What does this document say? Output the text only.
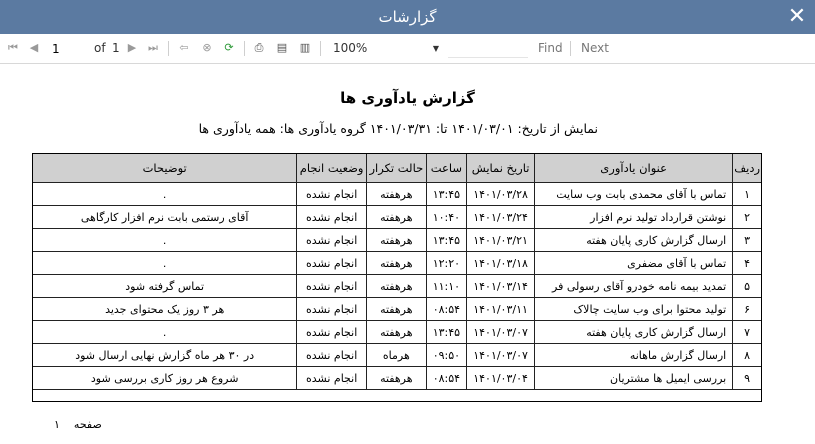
گزارشات	✕
⏮ ◀
1	of 1 ▶ ⏭ ⇦ ⊗ ⟳ ⎙ ▤ ▥ 100%	▼	Find Next
گزارش یادآوری ها
نمایش از تاریخ: ۱۴۰۱/۰۳/۰۱ تا: ۱۴۰۱/۰۳/۳۱ گروه یادآوری ها: همه یادآوری ها
ردیف	عنوان یادآوری	تاریخ نمایش	ساعت	حالت تکرار	وضعیت انجام	توضیحات
۱	تماس با آقای محمدی بابت وب سایت	۱۴۰۱/۰۳/۲۸	۱۳:۴۵	هرهفته	انجام نشده	.
۲	نوشتن قرارداد تولید نرم افزار	۱۴۰۱/۰۳/۲۴	۱۰:۴۰	هرهفته	انجام نشده	آقای رستمی بابت نرم افزار کارگاهی
۳	ارسال گزارش کاری پایان هفته	۱۴۰۱/۰۳/۲۱	۱۳:۴۵	هرهفته	انجام نشده	.
۴	تماس با آقای مضفری	۱۴۰۱/۰۳/۱۸	۱۲:۲۰	هرهفته	انجام نشده	.
۵	تمدید بیمه نامه خودرو آقای رسولی فر	۱۴۰۱/۰۳/۱۴	۱۱:۱۰	هرهفته	انجام نشده	تماس گرفته شود
۶	تولید محتوا برای وب سایت چالاک	۱۴۰۱/۰۳/۱۱	۰۸:۵۴	هرهفته	انجام نشده	هر ۳ روز یک محتوای جدید
۷	ارسال گزارش کاری پایان هفته	۱۴۰۱/۰۳/۰۷	۱۳:۴۵	هرهفته	انجام نشده	.
۸	ارسال گزارش ماهانه	۱۴۰۱/۰۳/۰۷	۰۹:۵۰	هرماه	انجام نشده	در ۳۰ هر ماه گزارش نهایی ارسال شود
۹	بررسی ایمیل ها مشتریان	۱۴۰۱/۰۳/۰۴	۰۸:۵۴	هرهفته	انجام نشده	شروع هر روز کاری بررسی شود
صفحه    ۱
